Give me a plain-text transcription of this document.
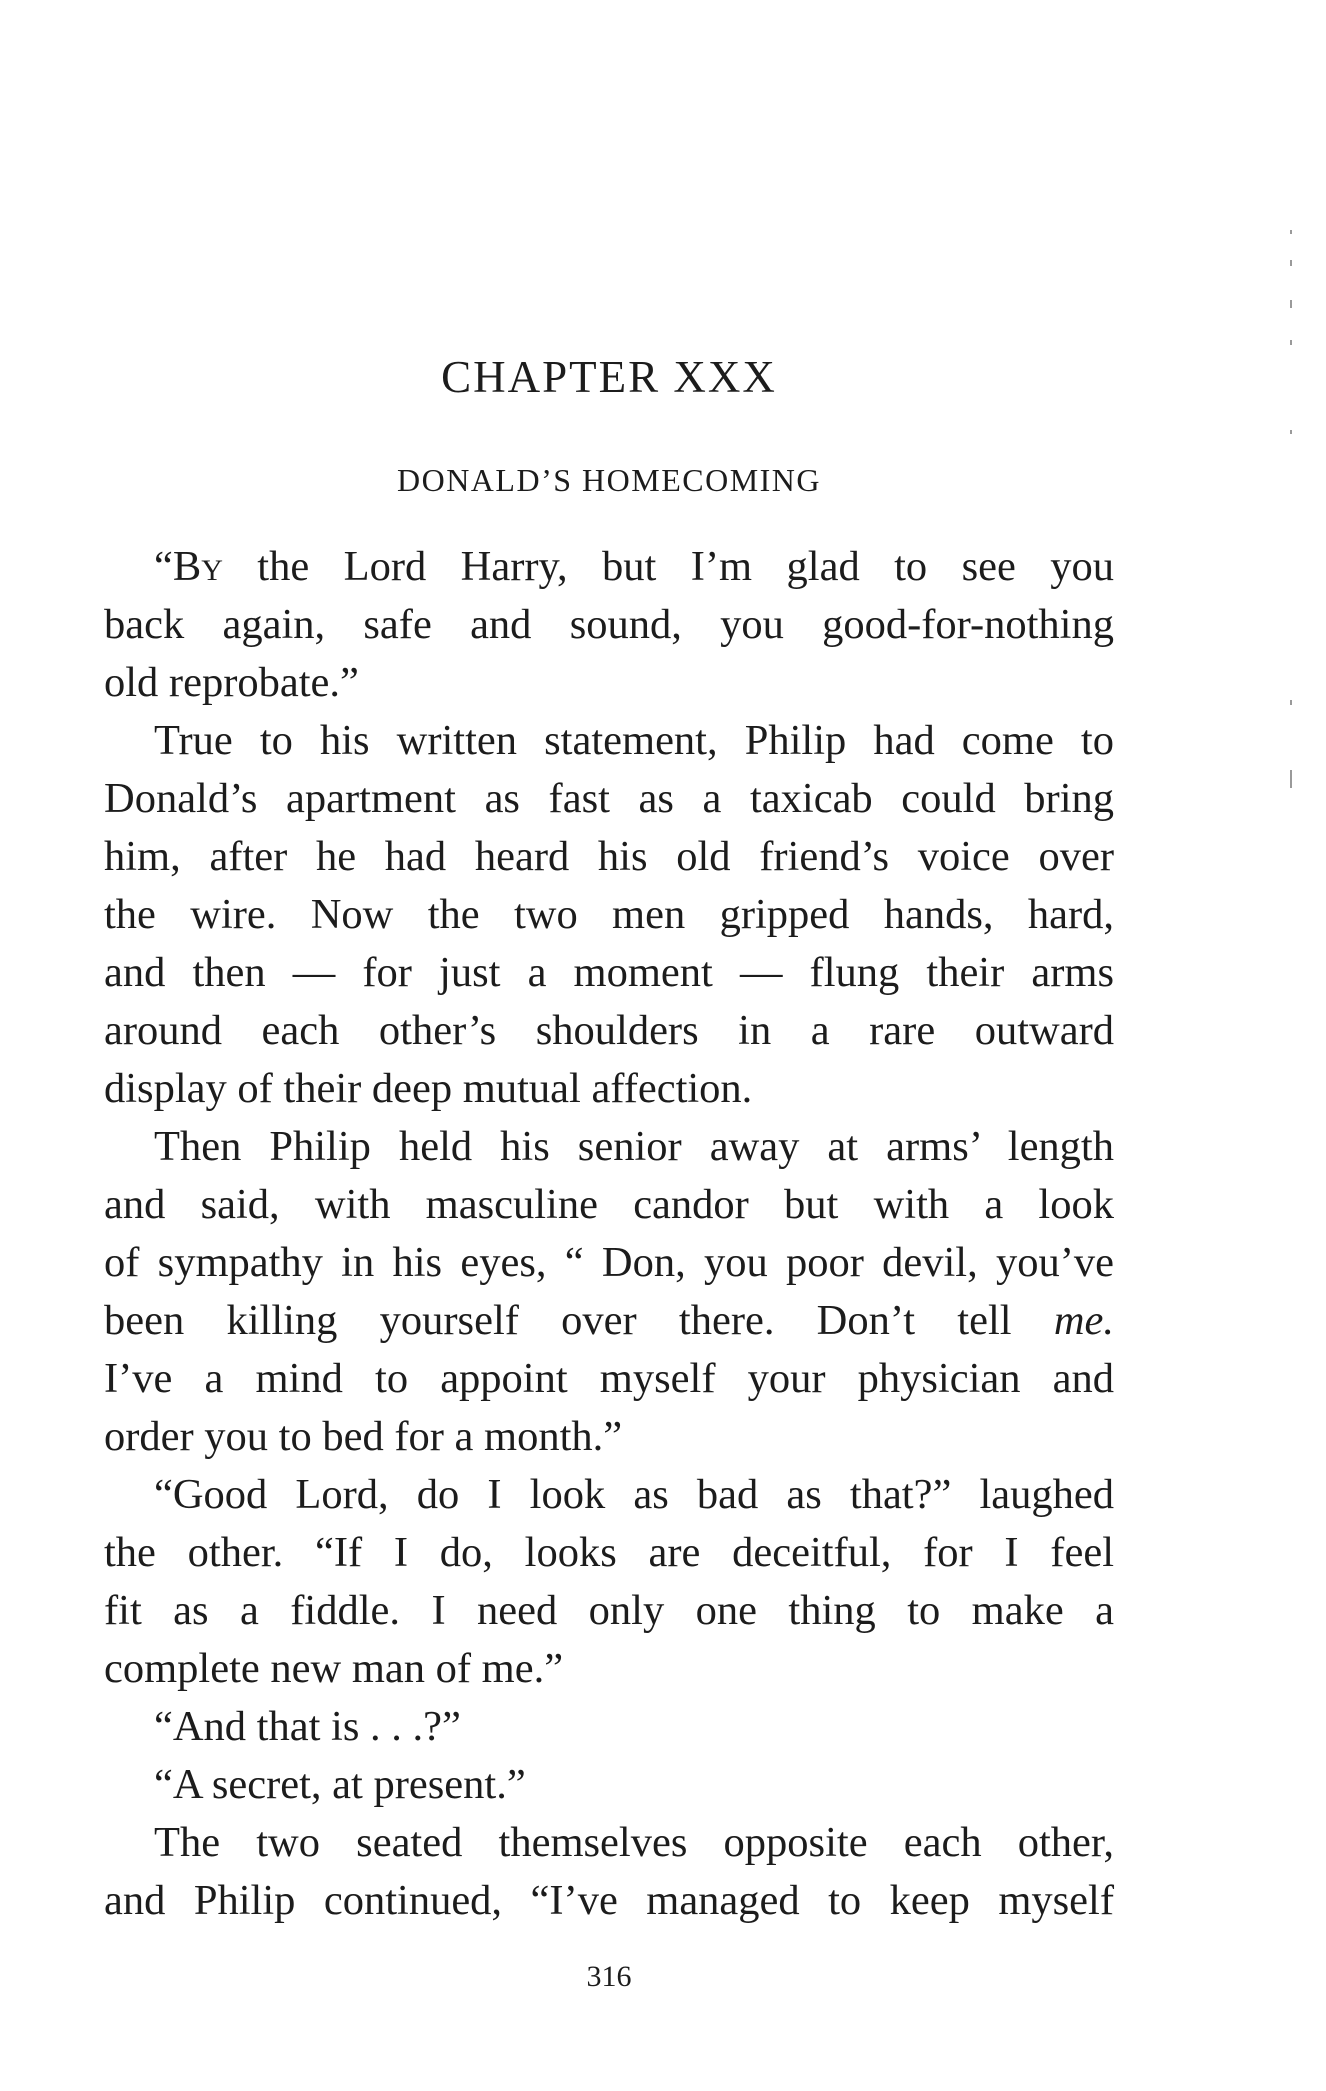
CHAPTER XXX
DONALD’S HOMECOMING
“By the Lord Harry, but I’m glad to see you
back again, safe and sound, you good-for-nothing
old reprobate.”
True to his written statement, Philip had come to
Donald’s apartment as fast as a taxicab could bring
him, after he had heard his old friend’s voice over
the wire. Now the two men gripped hands, hard,
and then — for just a moment — flung their arms
around each other’s shoulders in a rare outward
display of their deep mutual affection.
Then Philip held his senior away at arms’ length
and said, with masculine candor but with a look
of sympathy in his eyes, “ Don, you poor devil, you’ve
been killing yourself over there. Don’t tell me.
I’ve a mind to appoint myself your physician and
order you to bed for a month.”
“Good Lord, do I look as bad as that?” laughed
the other. “If I do, looks are deceitful, for I feel
fit as a fiddle. I need only one thing to make a
complete new man of me.”
“And that is . . .?”
“A secret, at present.”
The two seated themselves opposite each other,
and Philip continued, “I’ve managed to keep myself
316
